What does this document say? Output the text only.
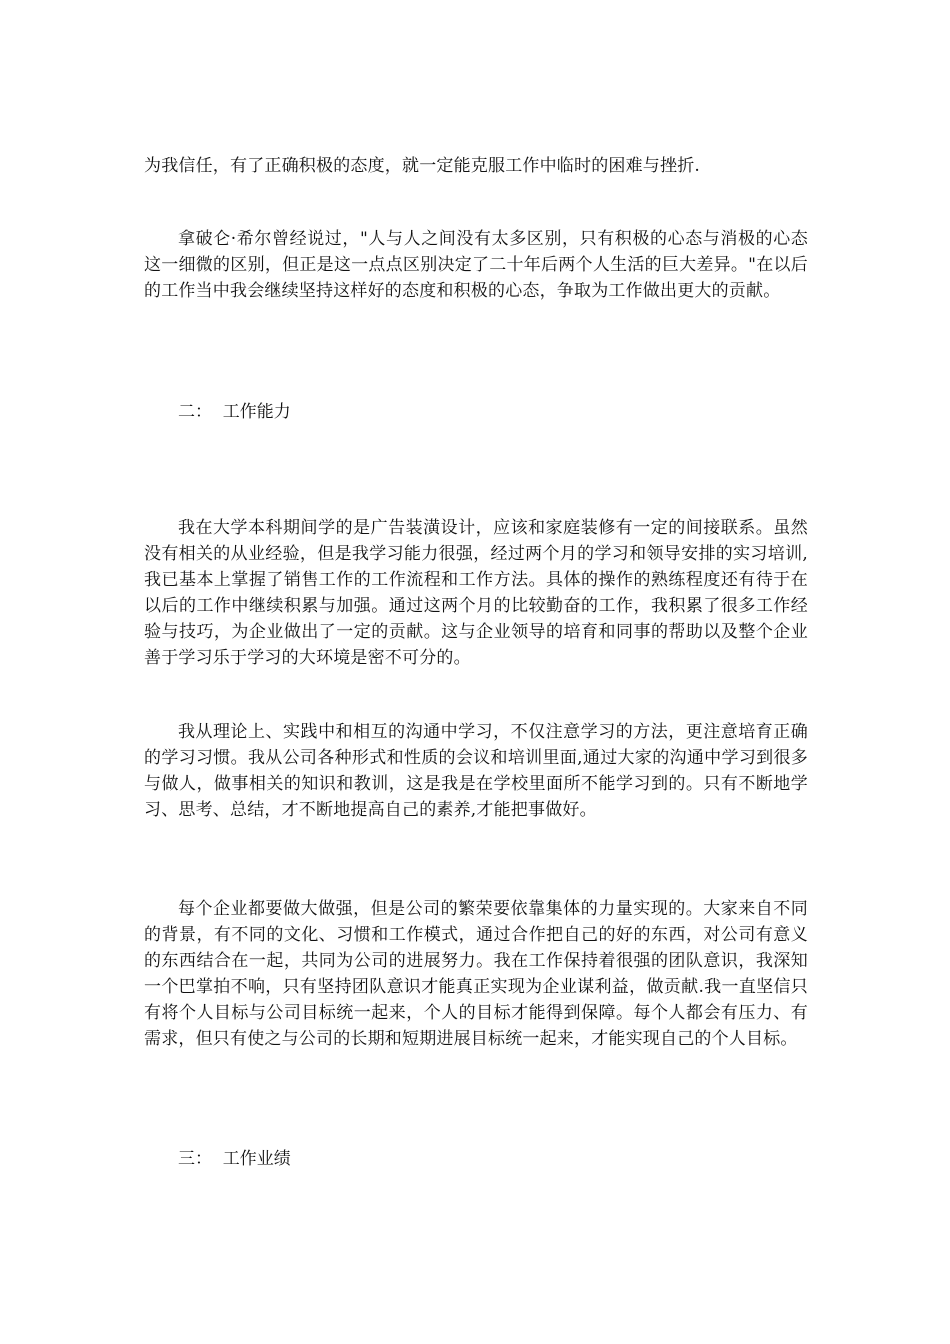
为我信任，有了正确积极的态度，就一定能克服工作中临时的困难与挫折.

拿破仑·希尔曾经说过，"人与人之间没有太多区别，只有积极的心态与消极的心态这一细微的区别，但正是这一点点区别决定了二十年后两个人生活的巨大差异。"在以后的工作当中我会继续坚持这样好的态度和积极的心态，争取为工作做出更大的贡献。

二：  工作能力

我在大学本科期间学的是广告装潢设计，应该和家庭装修有一定的间接联系。虽然没有相关的从业经验，但是我学习能力很强，经过两个月的学习和领导安排的实习培训,我已基本上掌握了销售工作的工作流程和工作方法。具体的操作的熟练程度还有待于在以后的工作中继续积累与加强。通过这两个月的比较勤奋的工作，我积累了很多工作经验与技巧，为企业做出了一定的贡献。这与企业领导的培育和同事的帮助以及整个企业善于学习乐于学习的大环境是密不可分的。

我从理论上、实践中和相互的沟通中学习，不仅注意学习的方法，更注意培育正确的学习习惯。我从公司各种形式和性质的会议和培训里面,通过大家的沟通中学习到很多与做人，做事相关的知识和教训，这是我是在学校里面所不能学习到的。只有不断地学习、思考、总结，才不断地提高自己的素养,才能把事做好。

每个企业都要做大做强，但是公司的繁荣要依靠集体的力量实现的。大家来自不同的背景，有不同的文化、习惯和工作模式，通过合作把自己的好的东西，对公司有意义的东西结合在一起，共同为公司的进展努力。我在工作保持着很强的团队意识，我深知一个巴掌拍不响，只有坚持团队意识才能真正实现为企业谋利益，做贡献.我一直坚信只有将个人目标与公司目标统一起来，个人的目标才能得到保障。每个人都会有压力、有需求，但只有使之与公司的长期和短期进展目标统一起来，才能实现自己的个人目标。

三：  工作业绩
